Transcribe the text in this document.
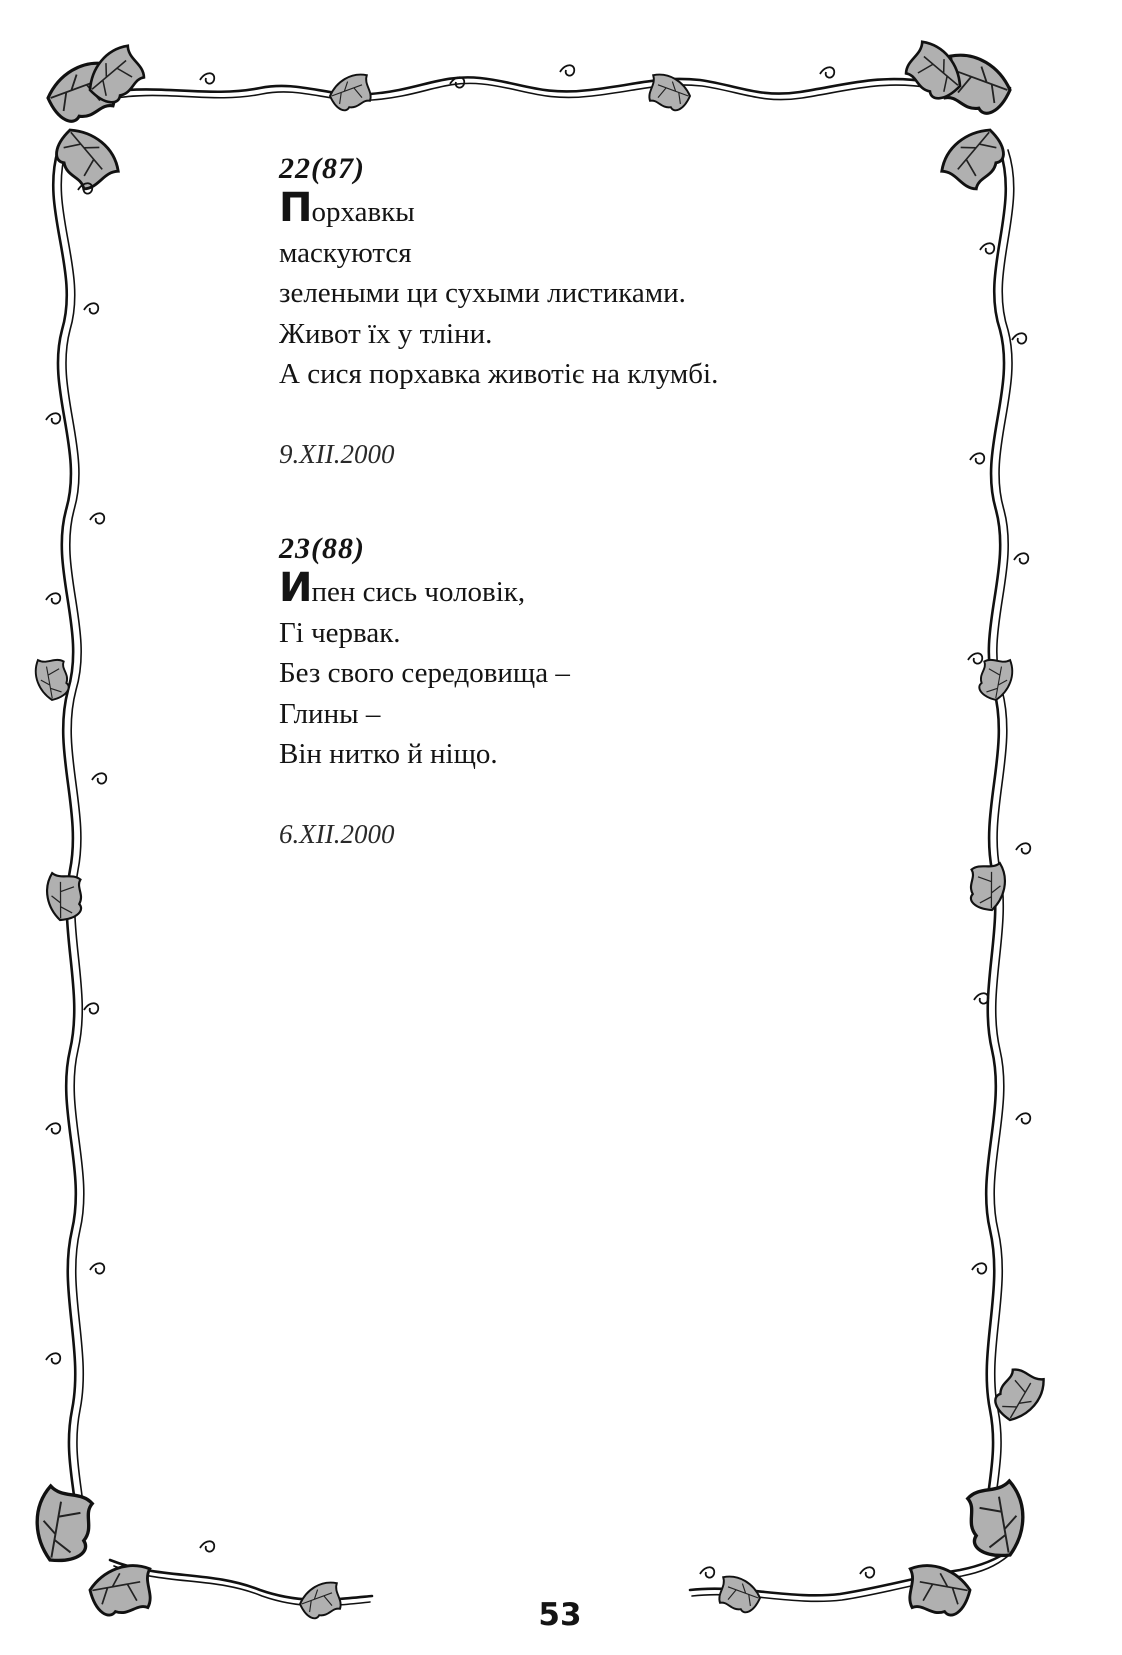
22(87)
Порхавкы
маскуются
зелеными ци сухыми листиками.
Живот їх у тліни.
А сися порхавка животіє на клумбі.
9.XII.2000
23(88)
Ипен сись чоловік,
Гі червак.
Без свого середовища –
Глины –
Він нитко й ніщо.
6.XII.2000
53
